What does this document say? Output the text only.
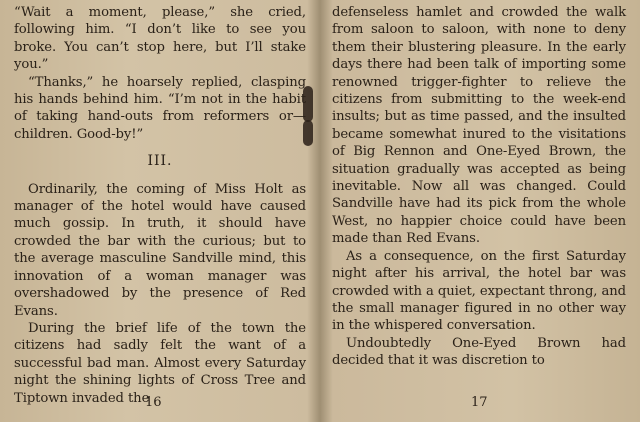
“Wait a moment, please,” she cried, following him. “I don’t like to see you broke. You can’t stop here, but I’ll stake you.”

“Thanks,” he hoarsely replied, clasping his hands behind him. “I’m not in the habit of taking hand-outs from reformers or—children. Good-by!”

III.

Ordinarily, the coming of Miss Holt as manager of the hotel would have caused much gossip. In truth, it should have crowded the bar with the curious; but to the average masculine Sandville mind, this innovation of a woman manager was overshadowed by the presence of Red Evans.

During the brief life of the town the citizens had sadly felt the want of a successful bad man. Almost every Saturday night the shining lights of Cross Tree and Tiptown invaded the

16

defenseless hamlet and crowded the walk from saloon to saloon, with none to deny them their blustering pleasure. In the early days there had been talk of importing some renowned trigger-fighter to relieve the citizens from submitting to the week-end insults; but as time passed, and the insulted became somewhat inured to the visitations of Big Rennon and One-Eyed Brown, the situation gradually was accepted as being inevitable. Now all was changed. Could Sandville have had its pick from the whole West, no happier choice could have been made than Red Evans.

As a consequence, on the first Saturday night after his arrival, the hotel bar was crowded with a quiet, expectant throng, and the small manager figured in no other way in the whispered conversation.

Undoubtedly One-Eyed Brown had decided that it was discretion to

17
